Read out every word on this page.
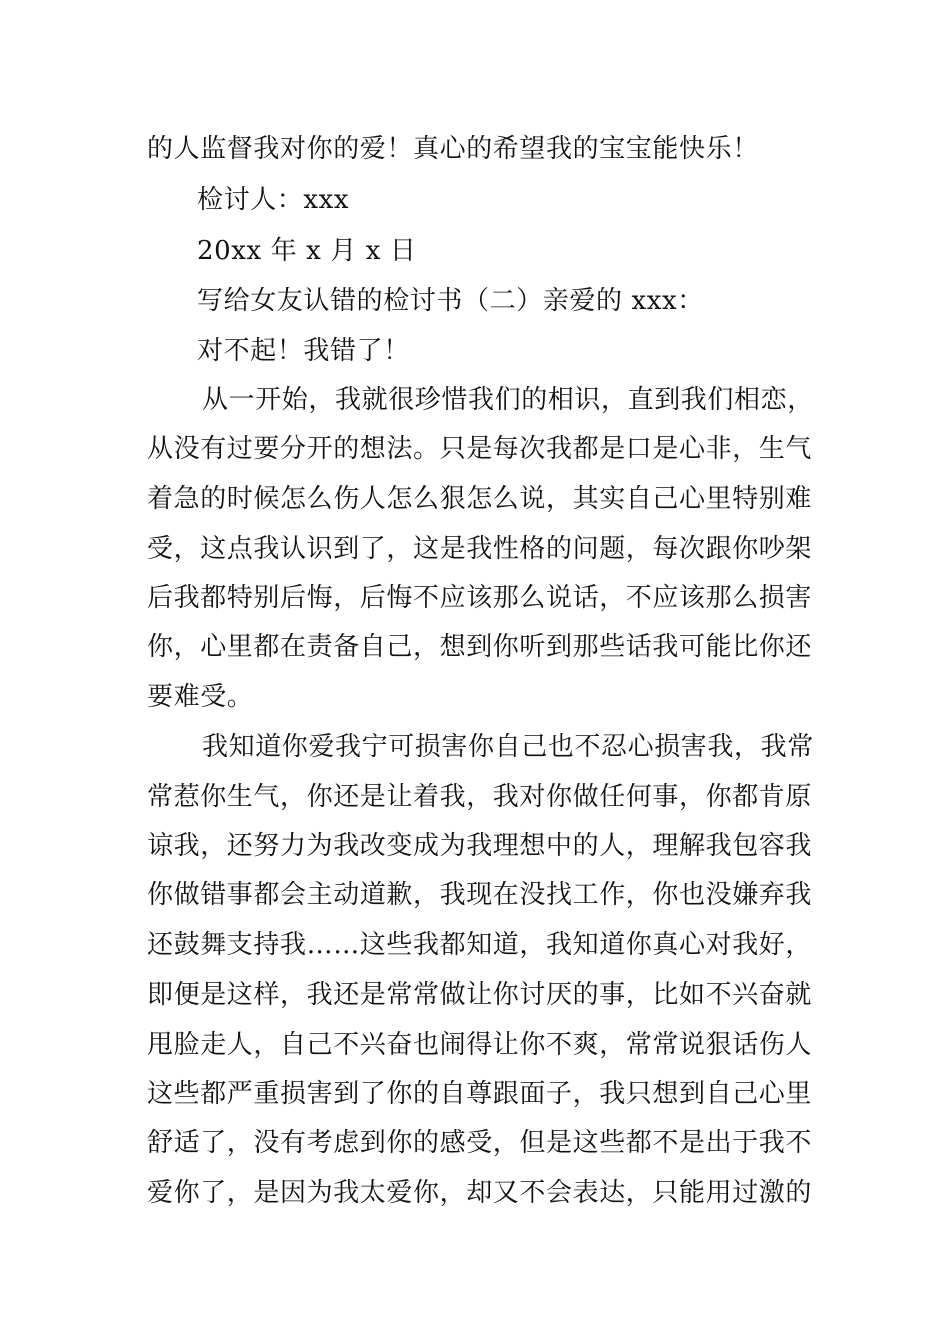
的人监督我对你的爱！真心的希望我的宝宝能快乐！
检讨人：xxx
20xx 年 x 月 x 日
写给女友认错的检讨书（二）亲爱的 xxx：
对不起！我错了！
从一开始，我就很珍惜我们的相识，直到我们相恋，
从没有过要分开的想法。只是每次我都是口是心非，生气
着急的时候怎么伤人怎么狠怎么说，其实自己心里特别难
受，这点我认识到了，这是我性格的问题，每次跟你吵架
后我都特别后悔，后悔不应该那么说话，不应该那么损害
你，心里都在责备自己，想到你听到那些话我可能比你还
要难受。
我知道你爱我宁可损害你自己也不忍心损害我，我常
常惹你生气，你还是让着我，我对你做任何事，你都肯原
谅我，还努力为我改变成为我理想中的人，理解我包容我
你做错事都会主动道歉，我现在没找工作，你也没嫌弃我
还鼓舞支持我……这些我都知道，我知道你真心对我好，
即便是这样，我还是常常做让你讨厌的事，比如不兴奋就
甩脸走人，自己不兴奋也闹得让你不爽，常常说狠话伤人
这些都严重损害到了你的自尊跟面子，我只想到自己心里
舒适了，没有考虑到你的感受，但是这些都不是出于我不
爱你了，是因为我太爱你，却又不会表达，只能用过激的
